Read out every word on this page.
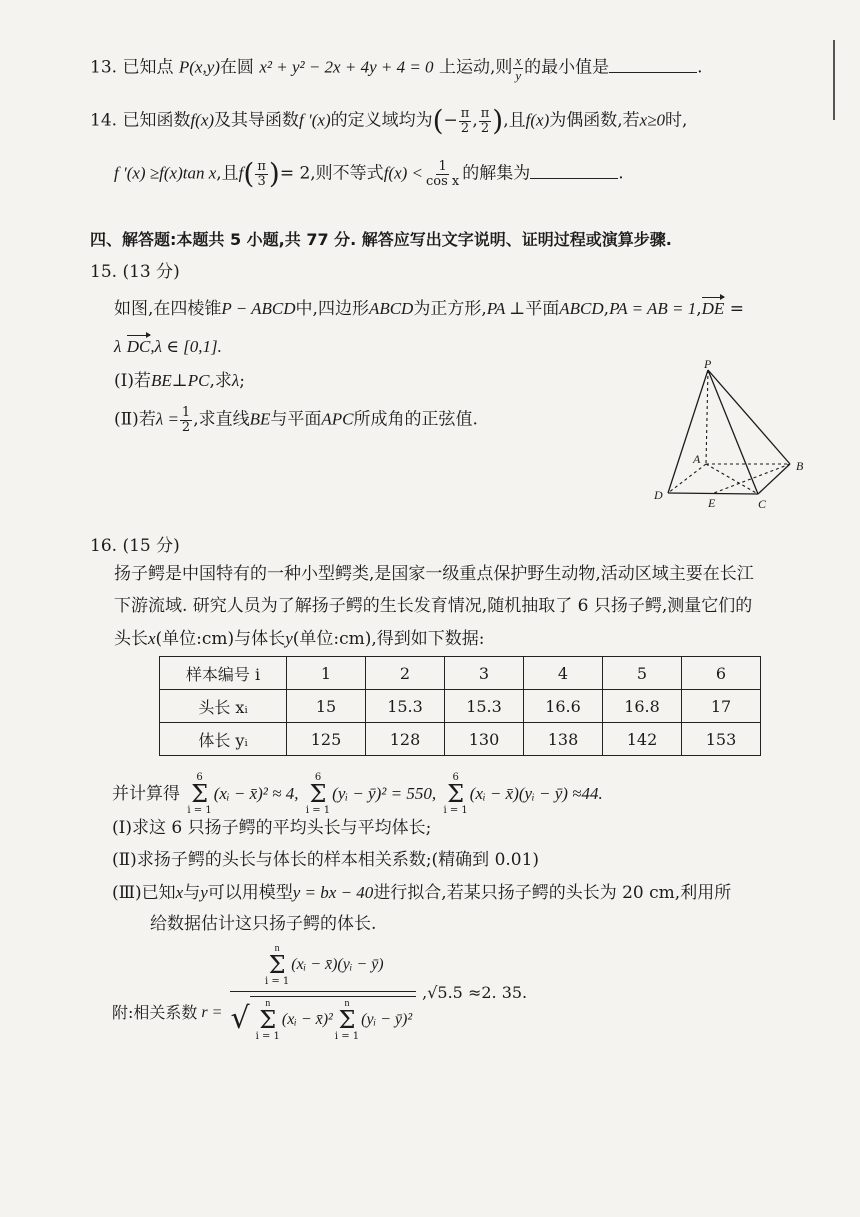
13. 已知点 P(x,y)在圆 x² + y² − 2x + 4y + 4 = 0 上运动,则 $\frac{x}{y}$ 的最小值是	.
14. 已知函数f(x)及其导函数f ′(x)的定义域均为(− $\frac{\pi}{2}$ , $\frac{\pi}{2}$ ),且f(x)为偶函数,若x≥0时,
f ′(x) ≥f(x)tan x,且$f( \frac{\pi}{3}$ )= 2,则不等式$f(x) < \frac{1}{\text{cos x}}$ 的解集为	.
四、解答题:本题共 5 小题,共 77 分. 解答应写出文字说明、证明过程或演算步骤.
15. (13 分)
如图,在四棱锥P − ABCD中,四边形ABCD为正方形,PA ⊥平面ABCD,PA = AB = 1,DE =
λ DC,λ ∈ [0,1].
(Ⅰ)若BE⊥PC,求λ;
(Ⅱ)若$\lambda = \frac{1}{2}$ ,求直线BE与平面APC所成角的正弦值.
P
A	B
C
D
E
16. (15 分)
扬子鳄是中国特有的一种小型鳄类,是国家一级重点保护野生动物,活动区域主要在长江
下游流域. 研究人员为了解扬子鳄的生长发育情况,随机抽取了 6 只扬子鳄,测量它们的
头长x(单位:cm)与体长y(单位:cm),得到如下数据:
样本编号 i	1	2	3	4	5	6
头长 xᵢ	15	15.3	15.3	16.6	16.8	17
体长 yᵢ	125	128	130	138	142	153
并计算得
6
Σ
i = 1
(xᵢ − x̄)² ≈ 4,
6
Σ
i = 1
(yᵢ − ȳ)² = 550,
6
Σ
i = 1
(xᵢ − x̄)(yᵢ − ȳ) ≈44.
(Ⅰ)求这 6 只扬子鳄的平均头长与平均体长;
(Ⅱ)求扬子鳄的头长与体长的样本相关系数;(精确到 0.01)
(Ⅲ)已知x与y可以用模型y = bx − 40进行拟合,若某只扬子鳄的头长为 20 cm,利用所
给数据估计这只扬子鳄的体长.
附:相关系数 r =
n
Σ
i = 1
(xᵢ − x̄)(yᵢ − ȳ)
√ n
Σ
i = 1
(xᵢ − x̄)²
n
Σ
i = 1
(yᵢ − ȳ)²
,√5.5 ≈2. 35.
